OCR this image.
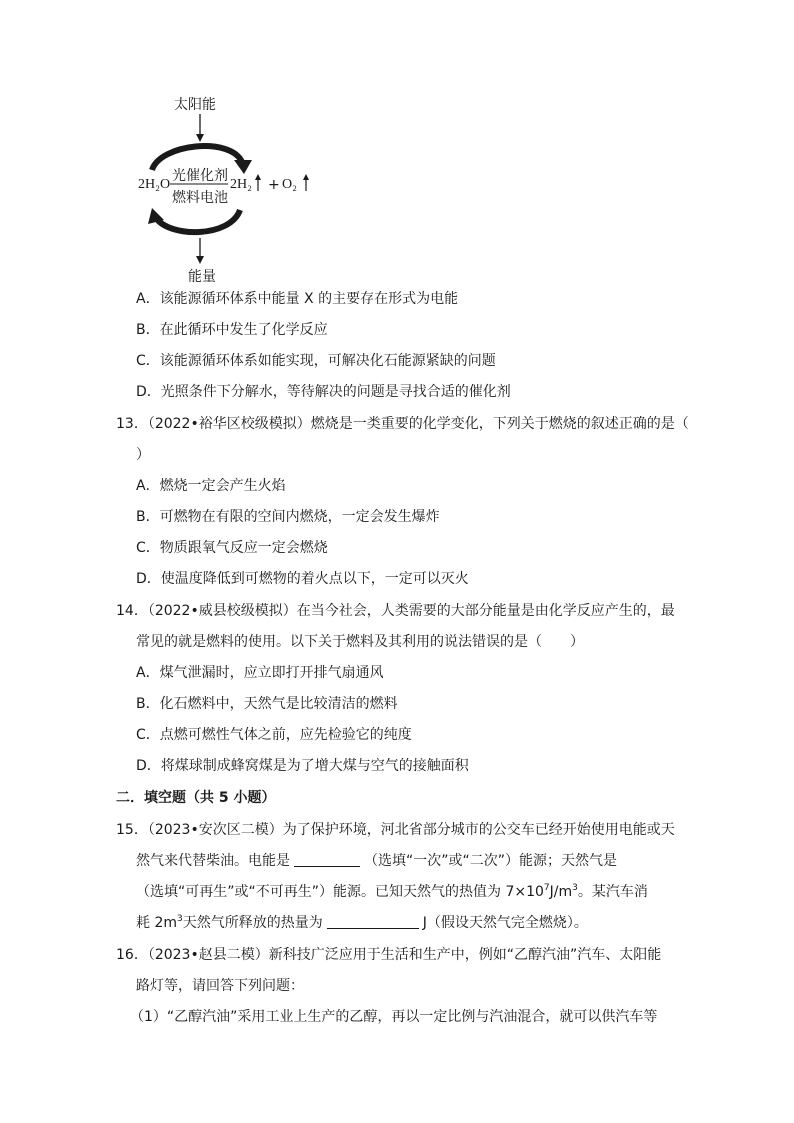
太阳能
光催化剂
燃料电池
2H₂O	2H₂ + O₂
能量
A．该能源循环体系中能量 X 的主要存在形式为电能
B．在此循环中发生了化学反应
C．该能源循环体系如能实现，可解决化石能源紧缺的问题
D．光照条件下分解水，等待解决的问题是寻找合适的催化剂
13．（2022•裕华区校级模拟）燃烧是一类重要的化学变化，下列关于燃烧的叙述正确的是（
）
A．燃烧一定会产生火焰
B．可燃物在有限的空间内燃烧，一定会发生爆炸
C．物质跟氧气反应一定会燃烧
D．使温度降低到可燃物的着火点以下，一定可以灭火
14．（2022•威县校级模拟）在当今社会，人类需要的大部分能量是由化学反应产生的，最
常见的就是燃料的使用。以下关于燃料及其利用的说法错误的是（　　）
A．煤气泄漏时，应立即打开排气扇通风
B．化石燃料中，天然气是比较清洁的燃料
C．点燃可燃性气体之前，应先检验它的纯度
D．将煤球制成蜂窝煤是为了增大煤与空气的接触面积
二．填空题（共 5 小题）
15．（2023•安次区二模）为了保护环境，河北省部分城市的公交车已经开始使用电能或天
然气来代替柴油。电能是	（选填“一次”或“二次”）能源；天然气是
（选填“可再生”或“不可再生”）能源。已知天然气的热值为 $7\times 10^7J/m^3$。某汽车消
耗 $2m^3$天然气所释放的热量为	J（假设天然气完全燃烧）。
16．（2023•赵县二模）新科技广泛应用于生活和生产中，例如“乙醇汽油”汽车、太阳能
路灯等，请回答下列问题：
（1）“乙醇汽油”采用工业上生产的乙醇，再以一定比例与汽油混合，就可以供汽车等
